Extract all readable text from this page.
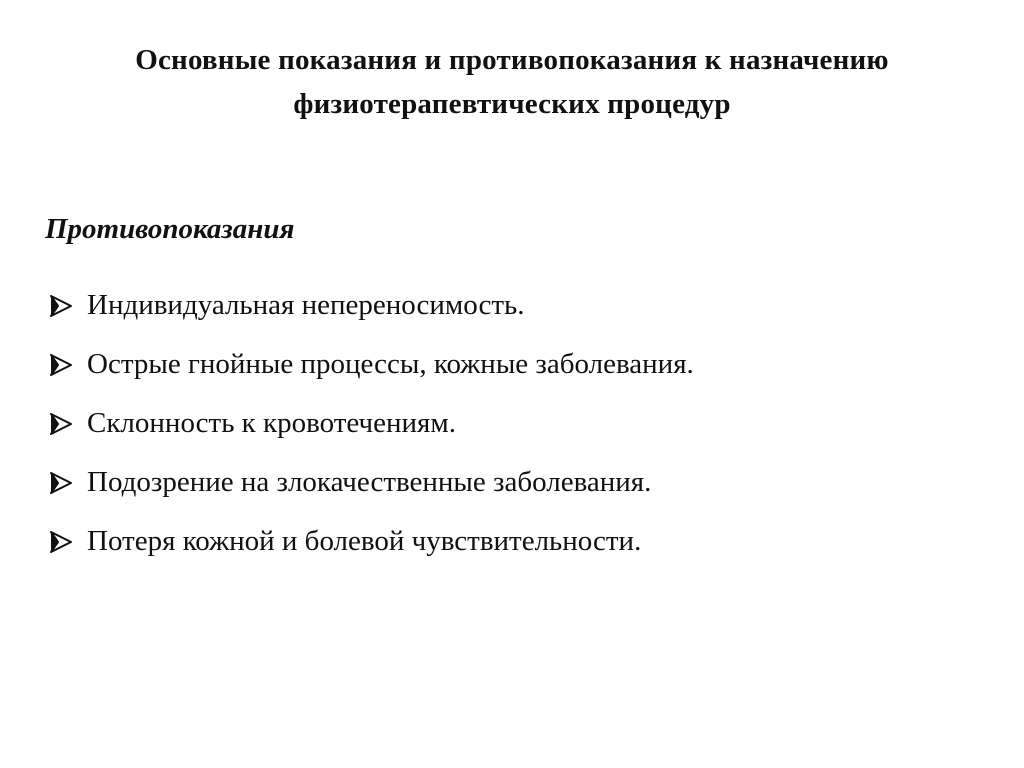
Основные показания и противопоказания к назначению
физиотерапевтических процедур
Противопоказания
Индивидуальная непереносимость.
Острые гнойные процессы, кожные заболевания.
Склонность к кровотечениям.
Подозрение на злокачественные заболевания.
Потеря кожной и болевой чувствительности.
